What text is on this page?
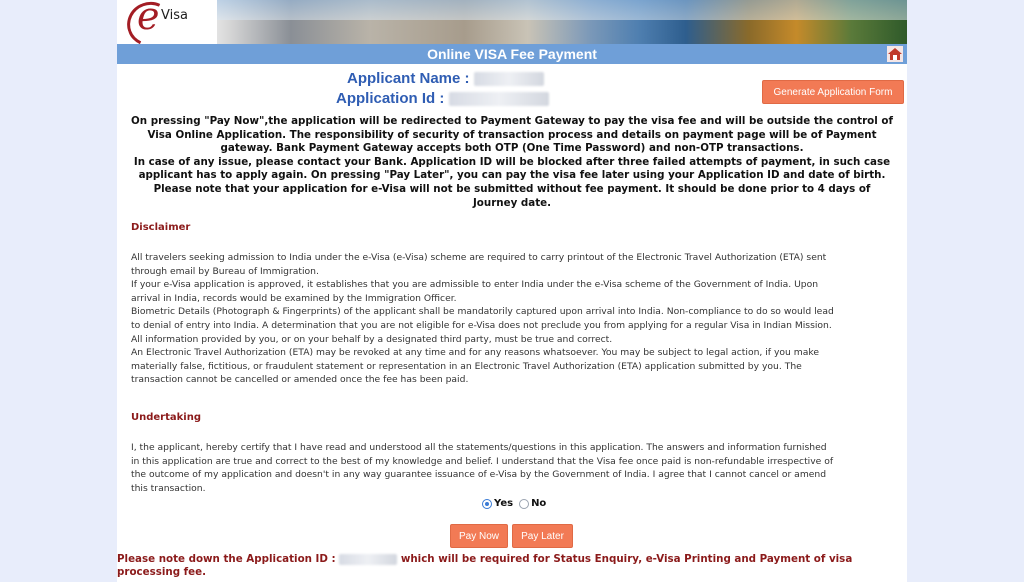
e Visa
Online VISA Fee Payment
Applicant Name :
Application Id :	Generate Application Form
On pressing "Pay Now",the application will be redirected to Payment Gateway to pay the visa fee and will be outside the control of
Visa Online Application. The responsibility of security of transaction process and details on payment page will be of Payment
gateway. Bank Payment Gateway accepts both OTP (One Time Password) and non-OTP transactions.
In case of any issue, please contact your Bank. Application ID will be blocked after three failed attempts of payment, in such case
applicant has to apply again. On pressing "Pay Later", you can pay the visa fee later using your Application ID and date of birth.
Please note that your application for e-Visa will not be submitted without fee payment. It should be done prior to 4 days of
Journey date.
Disclaimer
All travelers seeking admission to India under the e-Visa (e-Visa) scheme are required to carry printout of the Electronic Travel Authorization (ETA) sent
through email by Bureau of Immigration.
If your e-Visa application is approved, it establishes that you are admissible to enter India under the e-Visa scheme of the Government of India. Upon
arrival in India, records would be examined by the Immigration Officer.
Biometric Details (Photograph & Fingerprints) of the applicant shall be mandatorily captured upon arrival into India. Non-compliance to do so would lead
to denial of entry into India. A determination that you are not eligible for e-Visa does not preclude you from applying for a regular Visa in Indian Mission.
All information provided by you, or on your behalf by a designated third party, must be true and correct.
An Electronic Travel Authorization (ETA) may be revoked at any time and for any reasons whatsoever. You may be subject to legal action, if you make
materially false, fictitious, or fraudulent statement or representation in an Electronic Travel Authorization (ETA) application submitted by you. The
transaction cannot be cancelled or amended once the fee has been paid.
Undertaking
I, the applicant, hereby certify that I have read and understood all the statements/questions in this application. The answers and information furnished
in this application are true and correct to the best of my knowledge and belief. I understand that the Visa fee once paid is non-refundable irrespective of
the outcome of my application and doesn't in any way guarantee issuance of e-Visa by the Government of India. I agree that I cannot cancel or amend
this transaction.
Yes No
Pay Now	Pay Later
Please note down the Application ID :	which will be required for Status Enquiry, e-Visa Printing and Payment of visa
processing fee.
